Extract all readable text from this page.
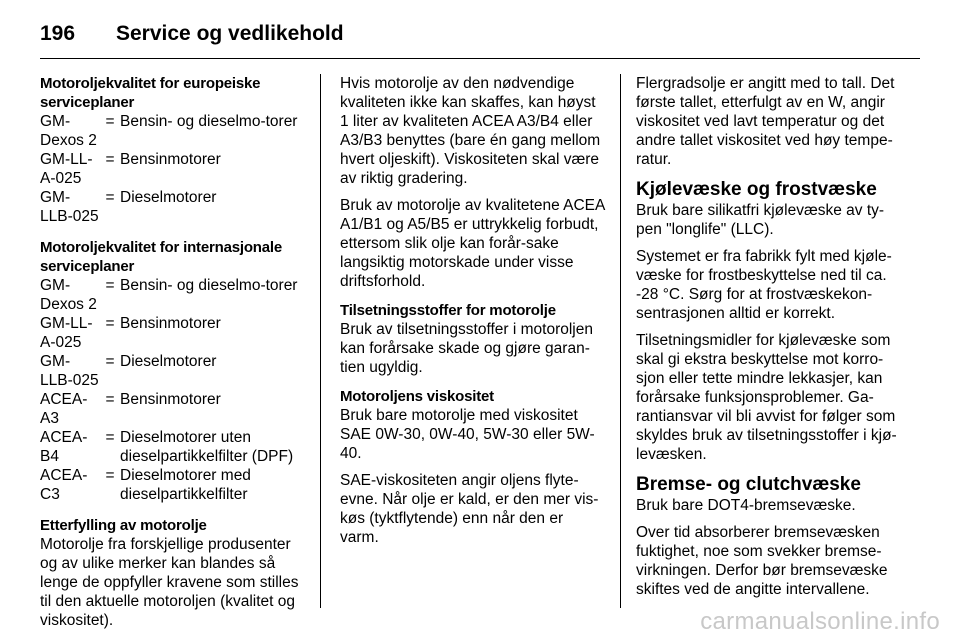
196	Service og vedlikehold
Motoroljekvalitet for europeiske serviceplaner
GM-Dexos 2	=	Bensin- og dieselmo-torer
GM-LL-A-025	=	Bensinmotorer
GM-LLB-025	=	Dieselmotorer
Motoroljekvalitet for internasjonale serviceplaner
GM-Dexos 2	=	Bensin- og dieselmo-torer
GM-LL-A-025	=	Bensinmotorer
GM-LLB-025	=	Dieselmotorer
ACEA-A3	=	Bensinmotorer
ACEA-B4	=	Dieselmotorer uten dieselpartikkelfilter (DPF)
ACEA-C3	=	Dieselmotorer med dieselpartikkelfilter
Etterfylling av motorolje

Motorolje fra forskjellige produsenter og av ulike merker kan blandes så lenge de oppfyller kravene som stilles til den aktuelle motoroljen (kvalitet og viskositet).

Hvis motorolje av den nødvendige kvaliteten ikke kan skaffes, kan høyst 1 liter av kvaliteten ACEA A3/B4 eller A3/B3 benyttes (bare én gang mellom hvert oljeskift). Viskositeten skal være av riktig gradering.

Bruk av motorolje av kvalitetene ACEA A1/B1 og A5/B5 er uttrykkelig forbudt, ettersom slik olje kan forår-sake langsiktig motorskade under visse driftsforhold.

Tilsetningsstoffer for motorolje

Bruk av tilsetningsstoffer i motoroljen kan forårsake skade og gjøre garan-tien ugyldig.

Motoroljens viskositet

Bruk bare motorolje med viskositet SAE 0W-30, 0W-40, 5W-30 eller 5W-40.

SAE-viskositeten angir oljens flyte-evne. Når olje er kald, er den mer vis-køs (tyktflytende) enn når den er varm.

Flergradsolje er angitt med to tall. Det første tallet, etterfulgt av en W, angir viskositet ved lavt temperatur og det andre tallet viskositet ved høy tempe-ratur.

Kjølevæske og frostvæske

Bruk bare silikatfri kjølevæske av ty-pen "longlife" (LLC).

Systemet er fra fabrikk fylt med kjøle-væske for frostbeskyttelse ned til ca. -28 °C. Sørg for at frostvæskekon-sentrasjonen alltid er korrekt.

Tilsetningsmidler for kjølevæske som skal gi ekstra beskyttelse mot korro-sjon eller tette mindre lekkasjer, kan forårsake funksjonsproblemer. Ga-rantiansvar vil bli avvist for følger som skyldes bruk av tilsetningsstoffer i kjø-levæsken.

Bremse- og clutchvæske

Bruk bare DOT4-bremsevæske.

Over tid absorberer bremsevæsken fuktighet, noe som svekker bremse-virkningen. Derfor bør bremsevæske skiftes ved de angitte intervallene.

carmanualsonline.info
